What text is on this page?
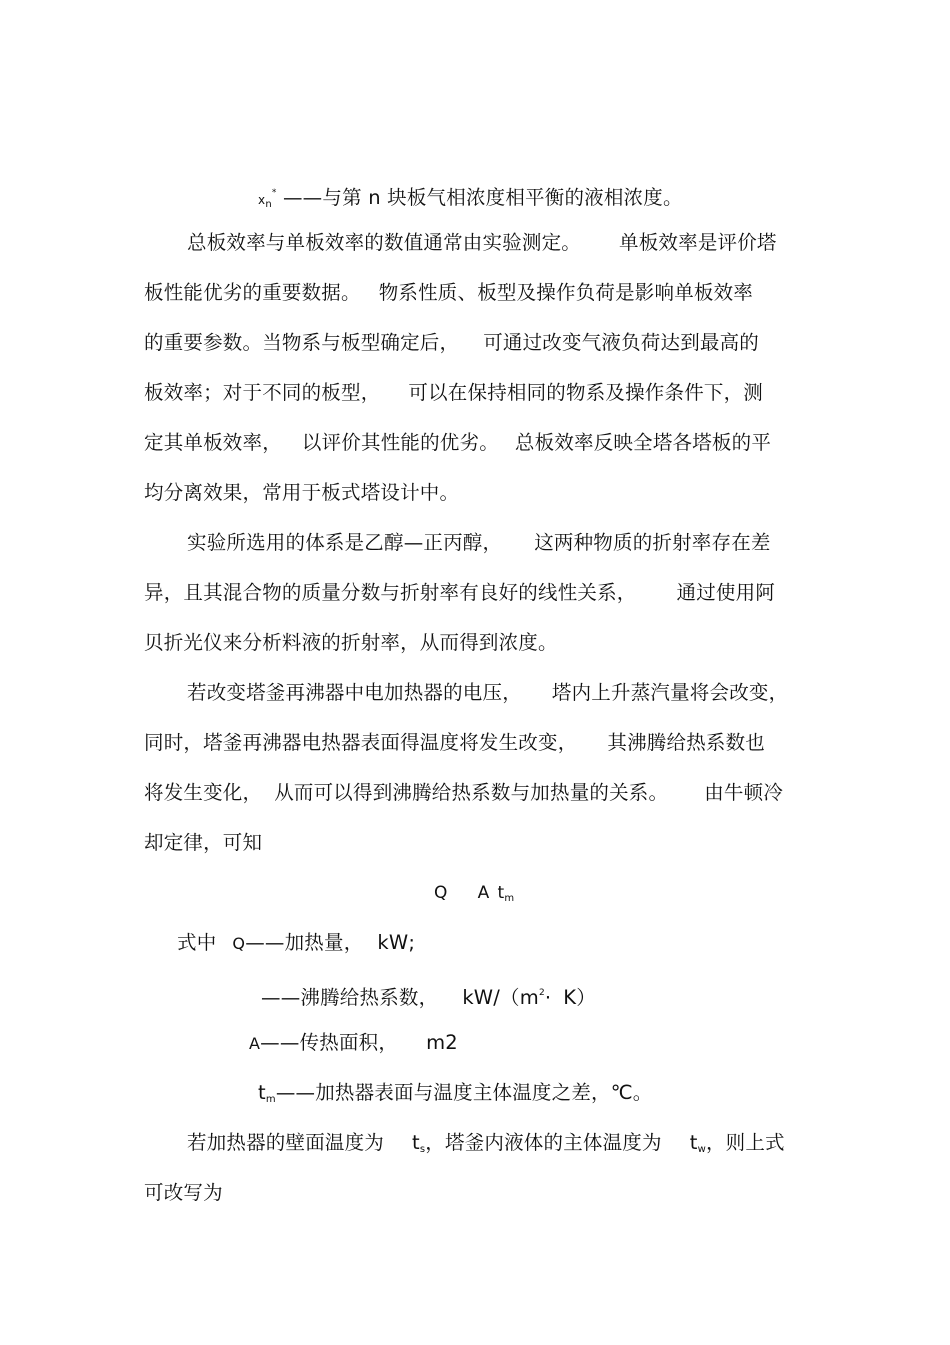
$x_n^*$ ——与第 n 块板气相浓度相平衡的液相浓度。
总板效率与单板效率的数值通常由实验测定。 单板效率是评价塔
板性能优劣的重要数据。 物系性质、板型及操作负荷是影响单板效率
的重要参数。当物系与板型确定后， 可通过改变气液负荷达到最高的
板效率；对于不同的板型， 可以在保持相同的物系及操作条件下，测
定其单板效率， 以评价其性能的优劣。 总板效率反映全塔各塔板的平
均分离效果，常用于板式塔设计中。
实验所选用的体系是乙醇—正丙醇， 这两种物质的折射率存在差
异，且其混合物的质量分数与折射率有良好的线性关系， 通过使用阿
贝折光仪来分析料液的折射率，从而得到浓度。
若改变塔釜再沸器中电加热器的电压， 塔内上升蒸汽量将会改变，
同时，塔釜再沸器电热器表面得温度将发生改变， 其沸腾给热系数也
将发生变化， 从而可以得到沸腾给热系数与加热量的关系。 由牛顿冷
却定律，可知
Q A $t_m$
式中 Q——加热量， kW;
——沸腾给热系数， $kW/(m^2\cdot K)$
A——传热面积， m2
$t_m——$加热器表面与温度主体温度之差，℃。
若加热器的壁面温度为 $t_s$，塔釜内液体的主体温度为 $t_w$，则上式
可改写为
